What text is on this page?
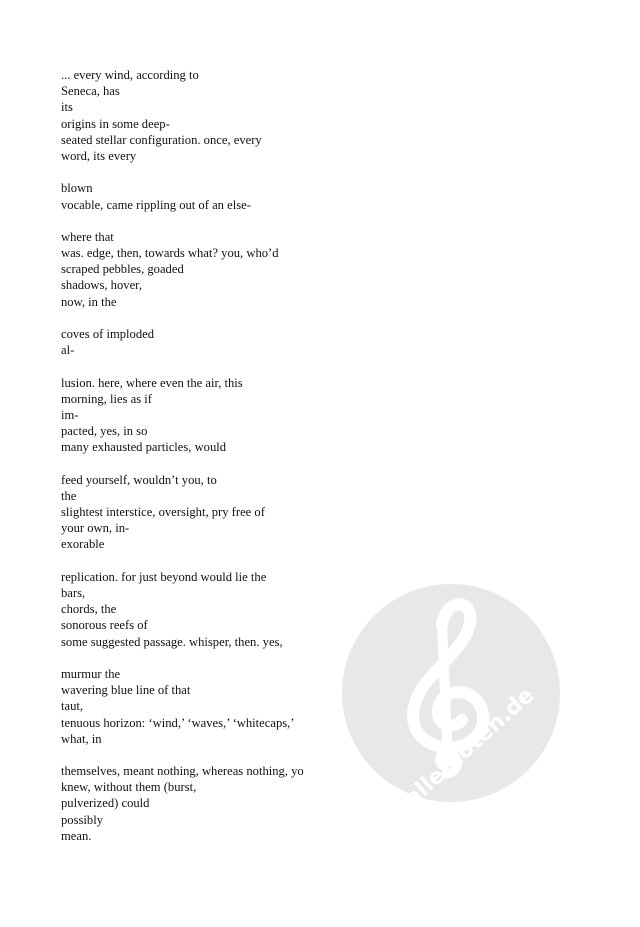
alle-noten.de
... every wind, according to
Seneca, has
its
origins in some deep-
seated stellar configuration. once, every
word, its every
blown
vocable, came rippling out of an else-
where that
was. edge, then, towards what? you, who’d
scraped pebbles, goaded
shadows, hover,
now, in the
coves of imploded
al-
lusion. here, where even the air, this
morning, lies as if
im-
pacted, yes, in so
many exhausted particles, would
feed yourself, wouldn’t you, to
the
slightest interstice, oversight, pry free of
your own, in-
exorable
replication. for just beyond would lie the
bars,
chords, the
sonorous reefs of
some suggested passage. whisper, then. yes,
murmur the
wavering blue line of that
taut,
tenuous horizon: ‘wind,’ ‘waves,’ ‘whitecaps,’
what, in
themselves, meant nothing, whereas nothing, yo
knew, without them (burst,
pulverized) could
possibly
mean.
